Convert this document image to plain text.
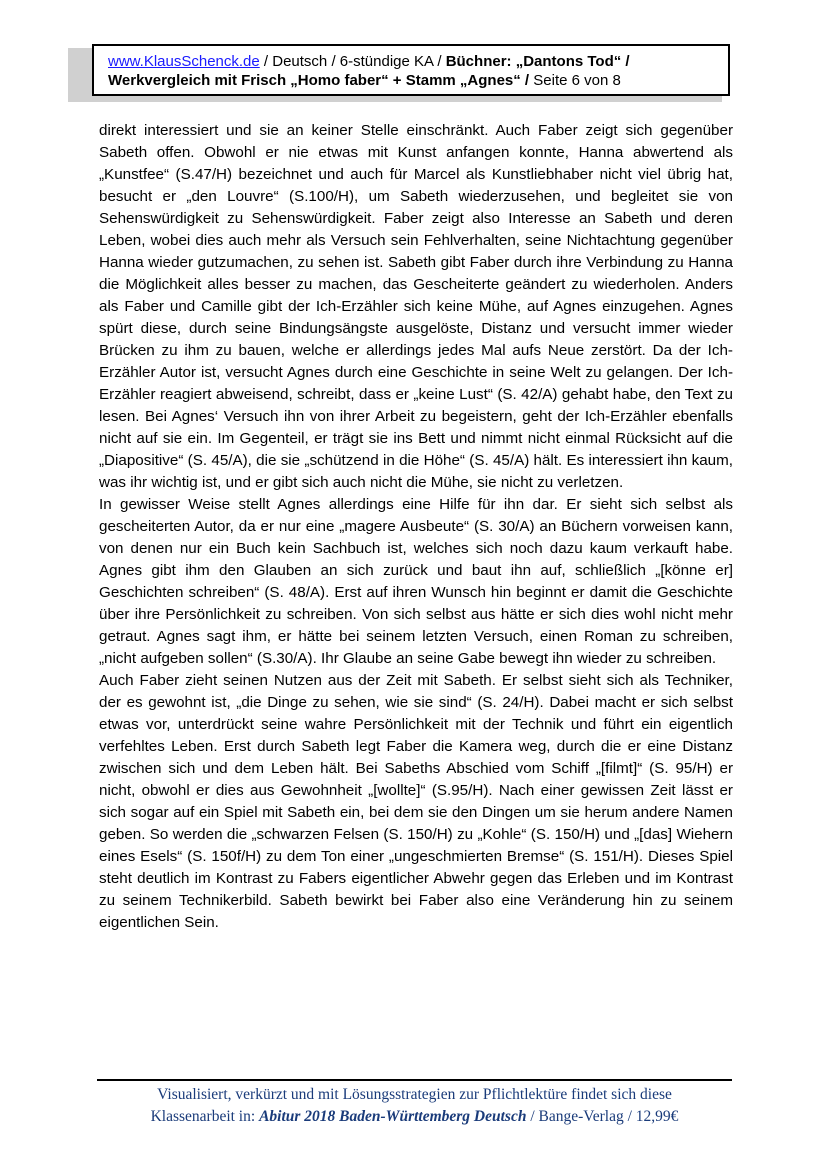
www.KlausSchenck.de / Deutsch / 6-stündige KA / Büchner: „Dantons Tod“ /
Werkvergleich mit Frisch „Homo faber“ + Stamm „Agnes“ / Seite 6 von 8

direkt interessiert und sie an keiner Stelle einschränkt. Auch Faber zeigt sich gegenüber Sabeth offen. Obwohl er nie etwas mit Kunst anfangen konnte, Hanna abwertend als „Kunstfee“ (S.47/H) bezeichnet und auch für Marcel als Kunstliebhaber nicht viel übrig hat, besucht er „den Louvre“ (S.100/H), um Sabeth wiederzusehen, und begleitet sie von Sehenswürdigkeit zu Sehenswürdigkeit. Faber zeigt also Interesse an Sabeth und deren Leben, wobei dies auch mehr als Versuch sein Fehlverhalten, seine Nichtachtung gegenüber Hanna wieder gutzumachen, zu sehen ist. Sabeth gibt Faber durch ihre Verbindung zu Hanna die Möglichkeit alles besser zu machen, das Gescheiterte geändert zu wiederholen. Anders als Faber und Camille gibt der Ich-Erzähler sich keine Mühe, auf Agnes einzugehen. Agnes spürt diese, durch seine Bindungsängste ausgelöste, Distanz und versucht immer wieder Brücken zu ihm zu bauen, welche er allerdings jedes Mal aufs Neue zerstört. Da der Ich-Erzähler Autor ist, versucht Agnes durch eine Geschichte in seine Welt zu gelangen. Der Ich-Erzähler reagiert abweisend, schreibt, dass er „keine Lust“ (S. 42/A) gehabt habe, den Text zu lesen. Bei Agnes‘ Versuch ihn von ihrer Arbeit zu begeistern, geht der Ich-Erzähler ebenfalls nicht auf sie ein. Im Gegenteil, er trägt sie ins Bett und nimmt nicht einmal Rücksicht auf die „Diapositive“ (S. 45/A), die sie „schützend in die Höhe“ (S. 45/A) hält. Es interessiert ihn kaum, was ihr wichtig ist, und er gibt sich auch nicht die Mühe, sie nicht zu verletzen.

In gewisser Weise stellt Agnes allerdings eine Hilfe für ihn dar. Er sieht sich selbst als gescheiterten Autor, da er nur eine „magere Ausbeute“ (S. 30/A) an Büchern vorweisen kann, von denen nur ein Buch kein Sachbuch ist, welches sich noch dazu kaum verkauft habe. Agnes gibt ihm den Glauben an sich zurück und baut ihn auf, schließlich „[könne er] Geschichten schreiben“ (S. 48/A). Erst auf ihren Wunsch hin beginnt er damit die Geschichte über ihre Persönlichkeit zu schreiben. Von sich selbst aus hätte er sich dies wohl nicht mehr getraut. Agnes sagt ihm, er hätte bei seinem letzten Versuch, einen Roman zu schreiben, „nicht aufgeben sollen“ (S.30/A). Ihr Glaube an seine Gabe bewegt ihn wieder zu schreiben.

Auch Faber zieht seinen Nutzen aus der Zeit mit Sabeth. Er selbst sieht sich als Techniker, der es gewohnt ist, „die Dinge zu sehen, wie sie sind“ (S. 24/H). Dabei macht er sich selbst etwas vor, unterdrückt seine wahre Persönlichkeit mit der Technik und führt ein eigentlich verfehltes Leben. Erst durch Sabeth legt Faber die Kamera weg, durch die er eine Distanz zwischen sich und dem Leben hält. Bei Sabeths Abschied vom Schiff „[filmt]“ (S. 95/H) er nicht, obwohl er dies aus Gewohnheit „[wollte]“ (S.95/H). Nach einer gewissen Zeit lässt er sich sogar auf ein Spiel mit Sabeth ein, bei dem sie den Dingen um sie herum andere Namen geben. So werden die „schwarzen Felsen (S. 150/H) zu „Kohle“ (S. 150/H) und „[das] Wiehern eines Esels“ (S. 150f/H) zu dem Ton einer „ungeschmierten Bremse“ (S. 151/H). Dieses Spiel steht deutlich im Kontrast zu Fabers eigentlicher Abwehr gegen das Erleben und im Kontrast zu seinem Technikerbild. Sabeth bewirkt bei Faber also eine Veränderung hin zu seinem eigentlichen Sein.

Visualisiert, verkürzt und mit Lösungsstrategien zur Pflichtlektüre findet sich diese
Klassenarbeit in: Abitur 2018 Baden-Württemberg Deutsch / Bange-Verlag / 12,99€
